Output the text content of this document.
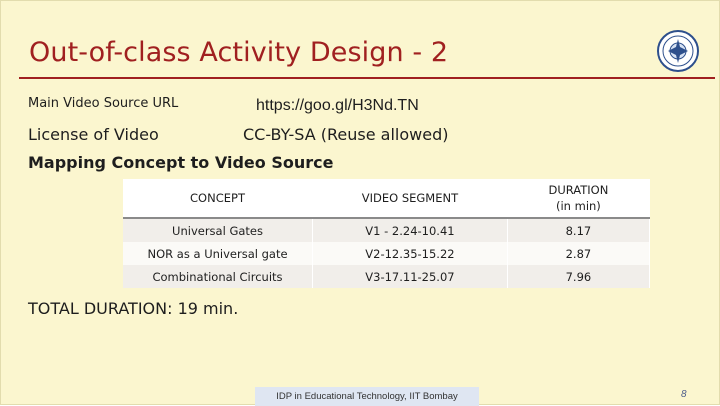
Out-of-class Activity Design - 2
Main Video Source URL	https://goo.gl/H3Nd.TN
License of Video	CC-BY-SA (Reuse allowed)
Mapping Concept to Video Source
CONCEPT	VIDEO SEGMENT	DURATION
(in min)
Universal Gates	V1 - 2.24-10.41	8.17
NOR as a Universal gate	V2-12.35-15.22	2.87
Combinational Circuits	V3-17.11-25.07	7.96
TOTAL DURATION: 19 min.
IDP in Educational Technology, IIT Bombay	8
